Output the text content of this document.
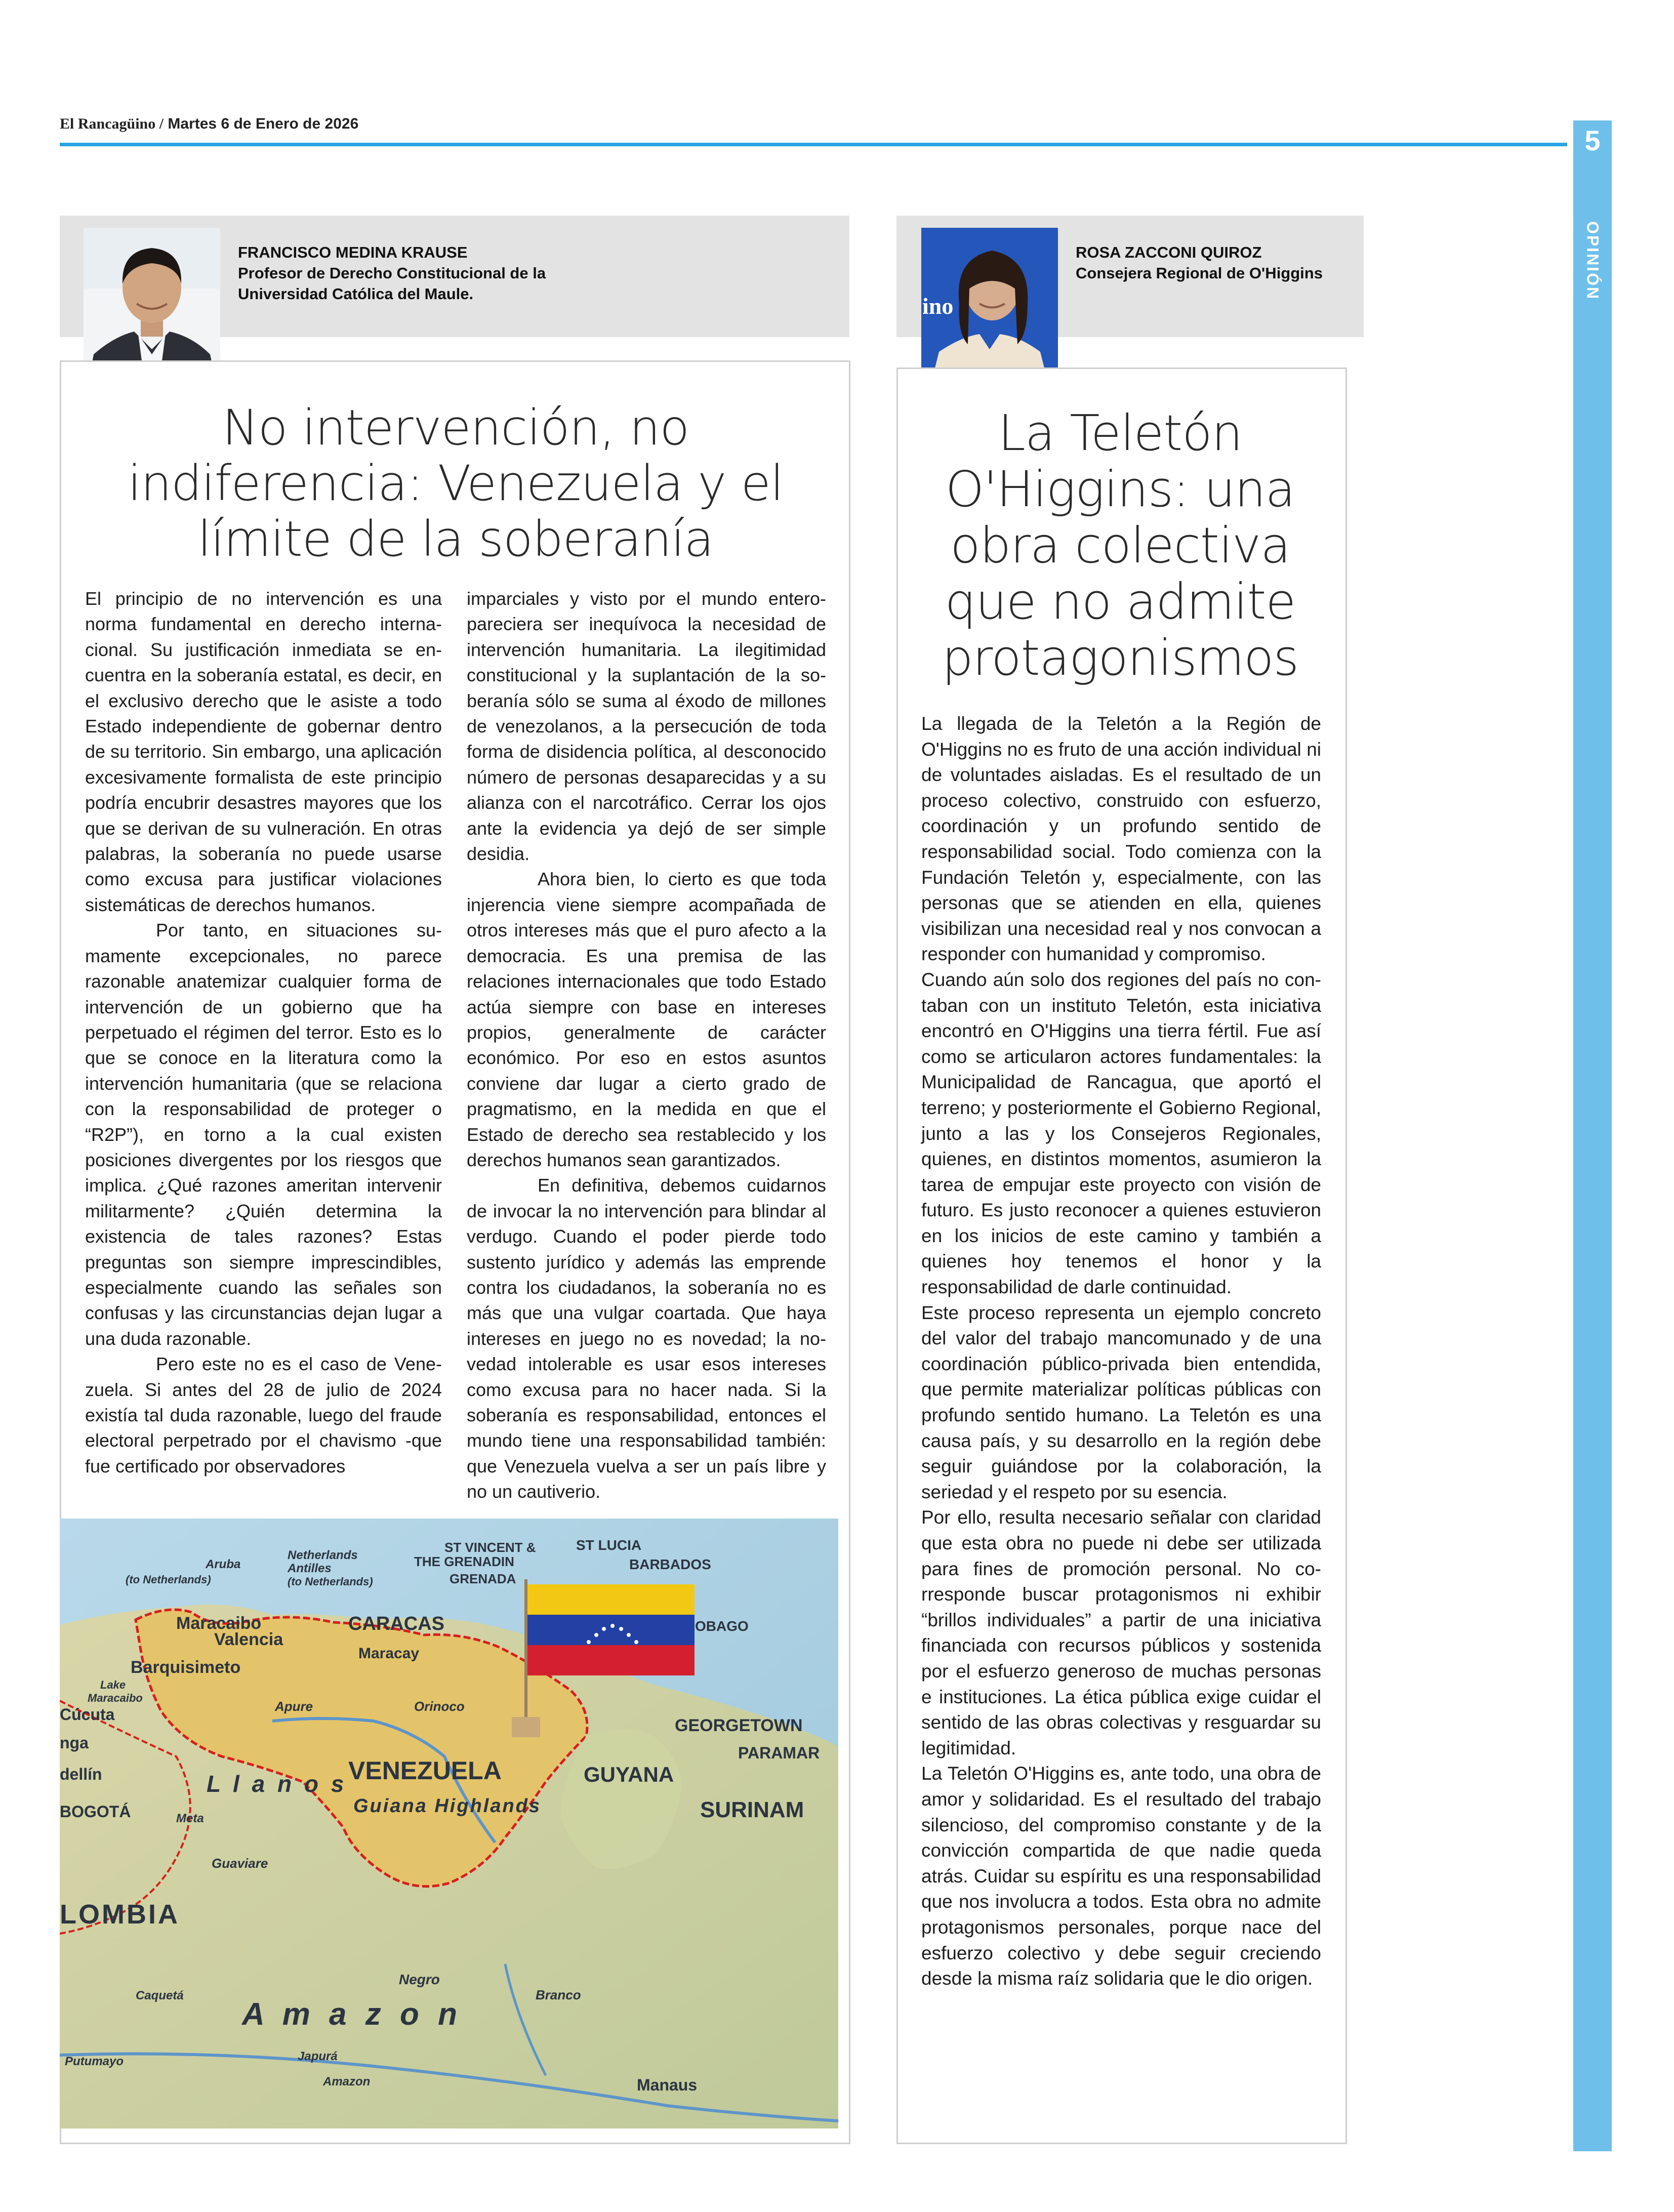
El Rancagüino / Martes 6 de Enero de 2026
5
OPINIÓN
FRANCISCO MEDINA KRAUSE
Profesor de Derecho Constitucional de la
Universidad Católica del Maule.
No intervención, no
indiferencia: Venezuela y el
límite de la soberanía

El principio de no intervención es una norma fundamental en derecho internacional. Su justificación inmediata se encuentra en la soberanía estatal, es decir, en el exclusivo derecho que le asiste a todo Estado independiente de gobernar dentro de su territorio. Sin embargo, una aplicación excesivamente formalista de este principio podría encubrir desastres mayores que los que se derivan de su vulneración. En otras palabras, la soberanía no puede usarse como excusa para justificar violaciones sistemáticas de derechos humanos.

Por tanto, en situaciones sumamente excepcionales, no parece razonable anatemizar cualquier forma de intervención de un gobierno que ha perpetuado el régimen del terror. Esto es lo que se conoce en la literatura como la intervención humanitaria (que se relaciona con la responsabilidad de proteger o “R2P”), en torno a la cual existen posiciones divergentes por los riesgos que implica. ¿Qué razones ameritan intervenir militarmente? ¿Quién determina la existencia de tales razones? Estas preguntas son siempre imprescindibles, especialmente cuando las señales son confusas y las circunstancias dejan lugar a una duda razonable.

Pero este no es el caso de Venezuela. Si antes del 28 de julio de 2024 existía tal duda razonable, luego del fraude electoral perpetrado por el chavismo -que fue certificado por observadores

imparciales y visto por el mundo entero- pareciera ser inequívoca la necesidad de intervención humanitaria. La ilegitimidad constitucional y la suplantación de la soberanía sólo se suma al éxodo de millones de venezolanos, a la persecución de toda forma de disidencia política, al desconocido número de personas desaparecidas y a su alianza con el narcotráfico. Cerrar los ojos ante la evidencia ya dejó de ser simple desidia.

Ahora bien, lo cierto es que toda injerencia viene siempre acompañada de otros intereses más que el puro afecto a la democracia. Es una premisa de las relaciones internacionales que todo Estado actúa siempre con base en intereses propios, generalmente de carácter económico. Por eso en estos asuntos conviene dar lugar a cierto grado de pragmatismo, en la medida en que el Estado de derecho sea restablecido y los derechos humanos sean garantizados.

En definitiva, debemos cuidarnos de invocar la no intervención para blindar al verdugo. Cuando el poder pierde todo sustento jurídico y además las emprende contra los ciudadanos, la soberanía no es más que una vulgar coartada. Que haya intereses en juego no es novedad; la novedad intolerable es usar esos intereses como excusa para no hacer nada. Si la soberanía es responsabilidad, entonces el mundo tiene una responsabilidad también: que Venezuela vuelva a ser un país libre y no un cautiverio.

Aruba
(to Netherlands)
Netherlands
Antilles
(to Netherlands)
ST VINCENT &
THE GRENADIN
GRENADA
ST LUCIA
BARBADOS
OBAGO
Maracaibo
Valencia
CARACAS
Maracay
Barquisimeto
Lake
Maracaibo
Cúcuta
nga
dellín
Apure	Orinoco
L l a n o s
Meta
VENEZUELA	GUYANA
Guiana Highlands
GEORGETOWN
PARAMAR
SURINAM
BOGOTÁ
Guaviare
LOMBIA
Branco
Negro
Caquetá
Putumayo
A m a z o n
Japurá
Amazon	Manaus
ino
ROSA ZACCONI QUIROZ
Consejera Regional de O'Higgins
La Teletón
O'Higgins: una
obra colectiva
que no admite
protagonismos

La llegada de la Teletón a la Región de O'Higgins no es fruto de una acción individual ni de voluntades aisladas. Es el resultado de un proceso colectivo, construido con esfuerzo, coordinación y un profundo sentido de responsabilidad social. Todo comienza con la Fundación Teletón y, especialmente, con las personas que se atienden en ella, quienes visibilizan una necesidad real y nos convocan a responder con humanidad y compromiso.

Cuando aún solo dos regiones del país no contaban con un instituto Teletón, esta iniciativa encontró en O'Higgins una tierra fértil. Fue así como se articularon actores fundamentales: la Municipalidad de Rancagua, que aportó el terreno; y posteriormente el Gobierno Regional, junto a las y los Consejeros Regionales, quienes, en distintos momentos, asumieron la tarea de empujar este proyecto con visión de futuro. Es justo reconocer a quienes estuvieron en los inicios de este camino y también a quienes hoy tenemos el honor y la responsabilidad de darle continuidad.

Este proceso representa un ejemplo concreto del valor del trabajo mancomunado y de una coordinación público-privada bien entendida, que permite materializar políticas públicas con profundo sentido humano. La Teletón es una causa país, y su desarrollo en la región debe seguir guiándose por la colaboración, la seriedad y el respeto por su esencia.

Por ello, resulta necesario señalar con claridad que esta obra no puede ni debe ser utilizada para fines de promoción personal. No corresponde buscar protagonismos ni exhibir “brillos individuales” a partir de una iniciativa financiada con recursos públicos y sostenida por el esfuerzo generoso de muchas personas e instituciones. La ética pública exige cuidar el sentido de las obras colectivas y resguardar su legitimidad.

La Teletón O'Higgins es, ante todo, una obra de amor y solidaridad. Es el resultado del trabajo silencioso, del compromiso constante y de la convicción compartida de que nadie queda atrás. Cuidar su espíritu es una responsabilidad que nos involucra a todos. Esta obra no admite protagonismos personales, porque nace del esfuerzo colectivo y debe seguir creciendo desde la misma raíz solidaria que le dio origen.
